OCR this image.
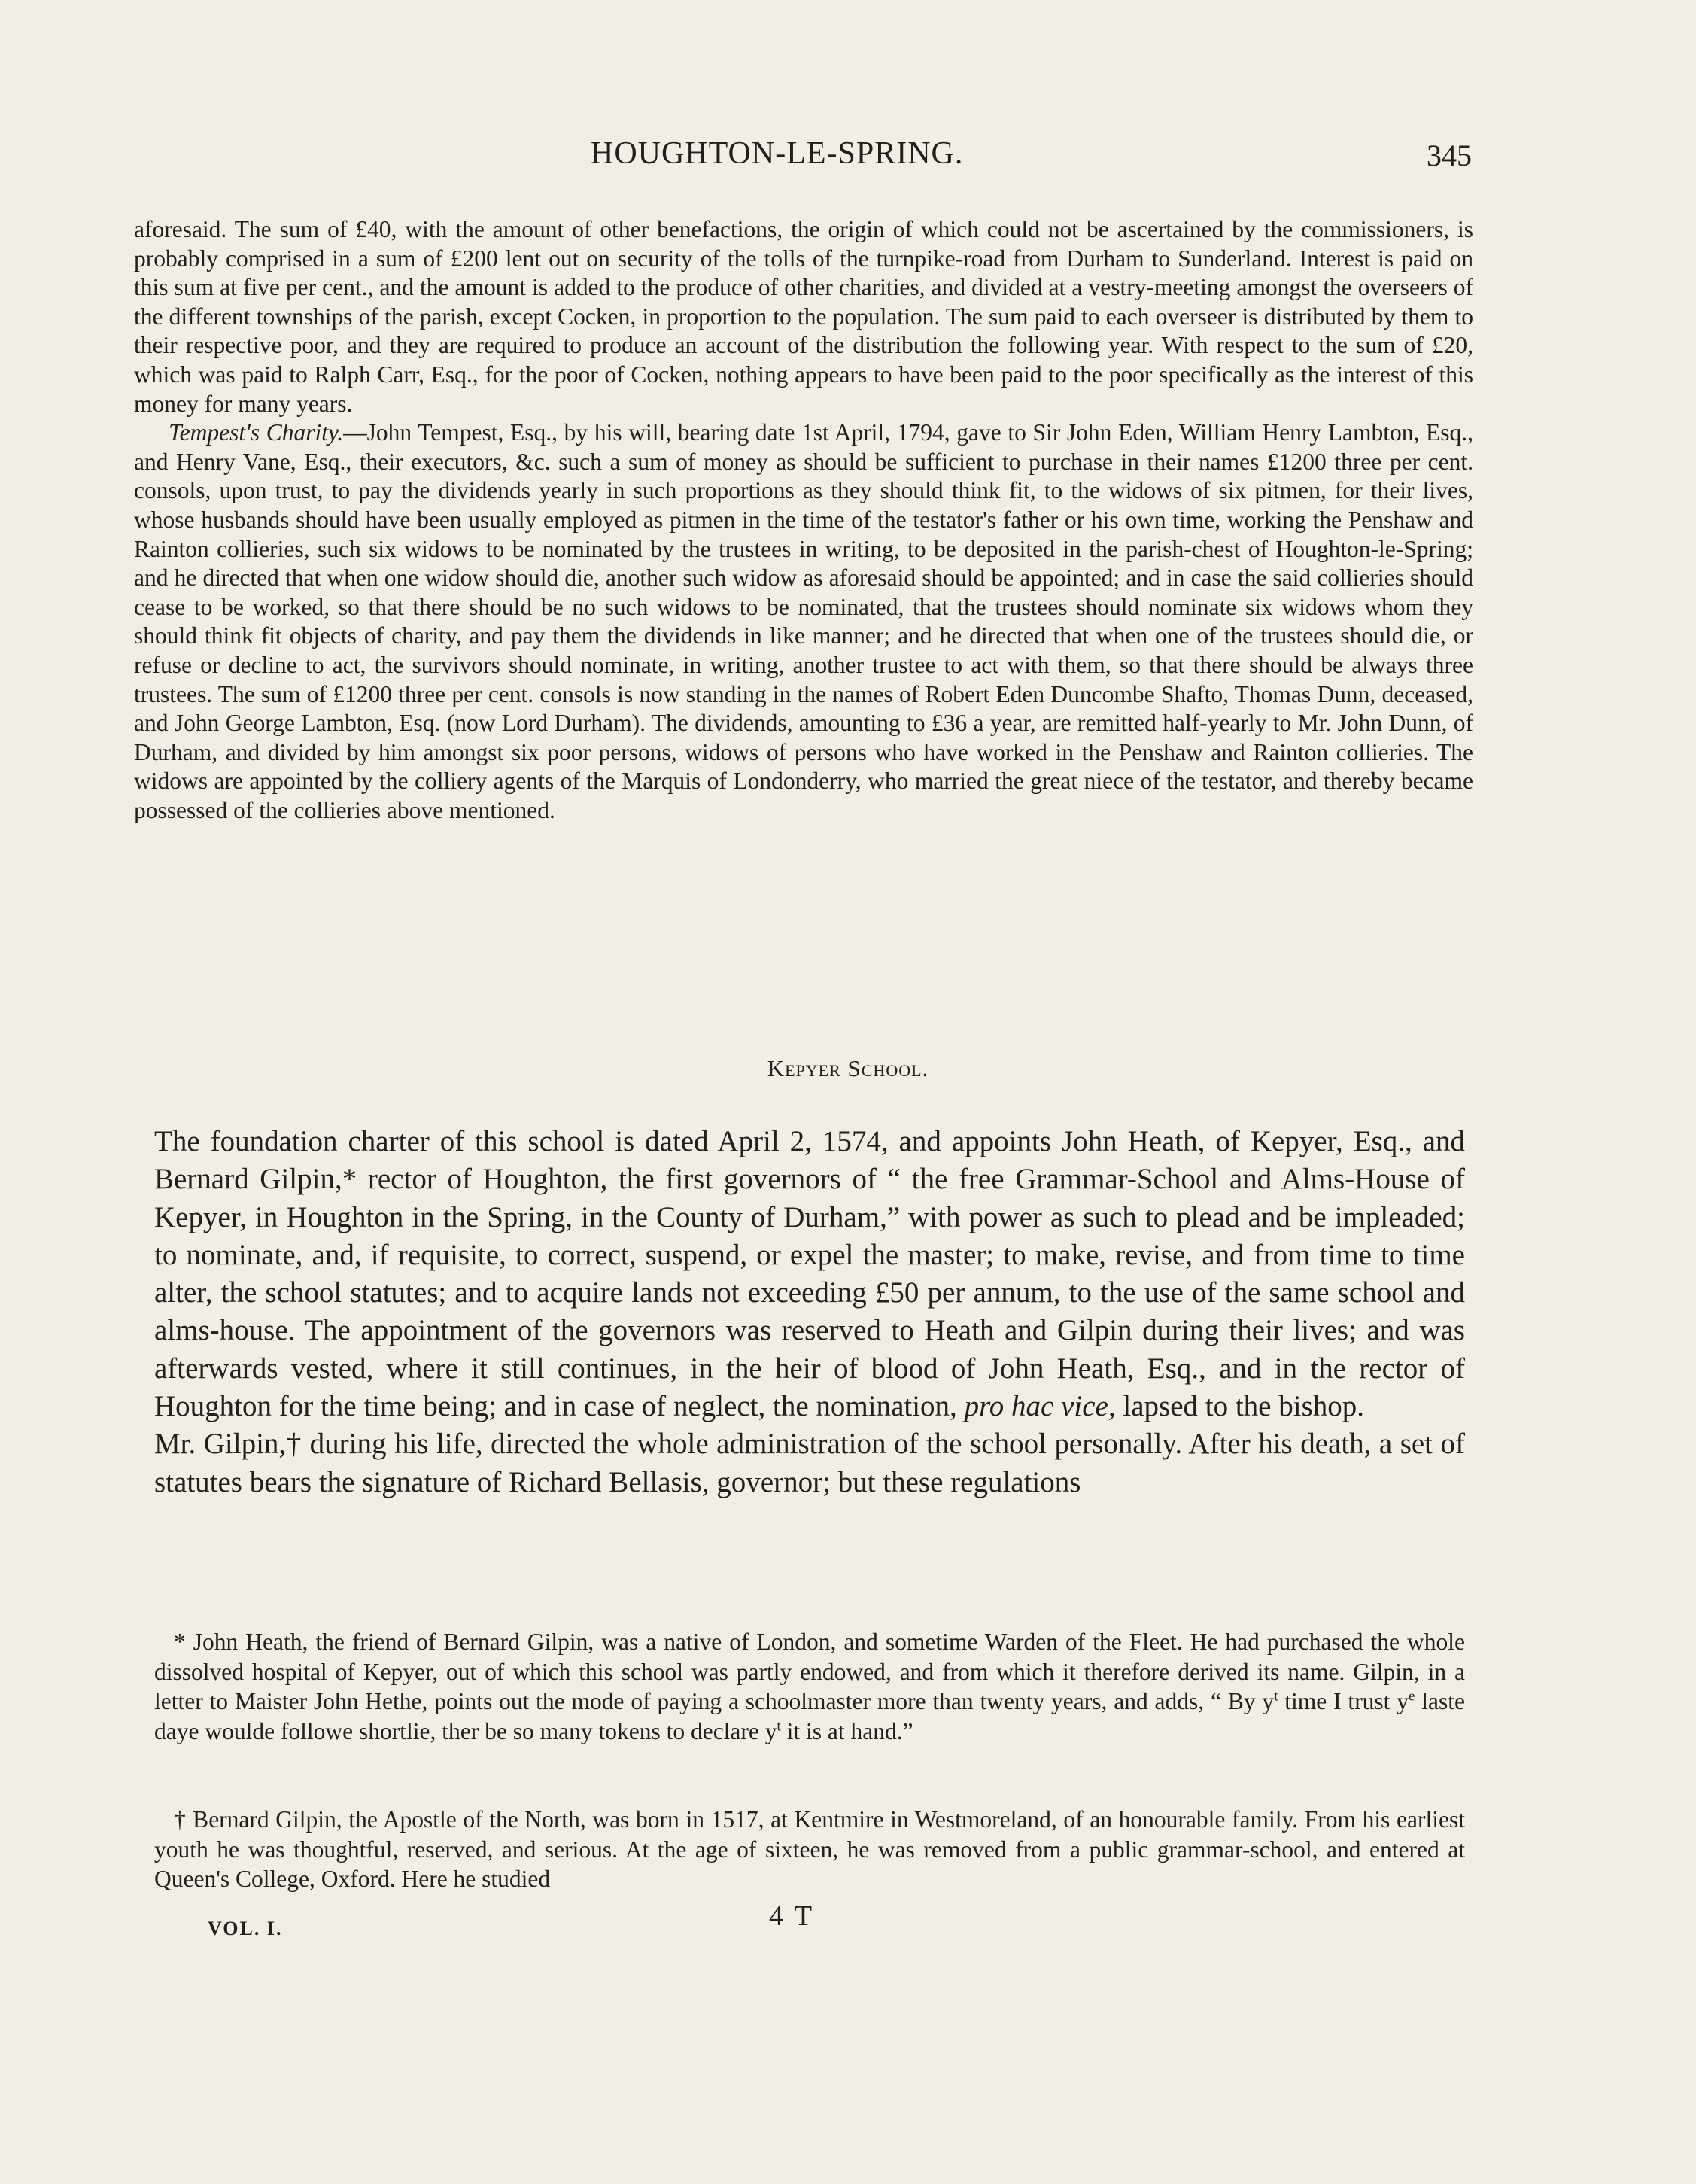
HOUGHTON-LE-SPRING.	345

aforesaid. The sum of £40, with the amount of other benefactions, the origin of which could not be ascertained by the commissioners, is probably comprised in a sum of £200 lent out on security of the tolls of the turnpike-road from Durham to Sunderland. Interest is paid on this sum at five per cent., and the amount is added to the produce of other charities, and divided at a vestry-meeting amongst the overseers of the different townships of the parish, except Cocken, in proportion to the population. The sum paid to each overseer is distributed by them to their respective poor, and they are required to produce an account of the distribution the following year. With respect to the sum of £20, which was paid to Ralph Carr, Esq., for the poor of Cocken, nothing appears to have been paid to the poor specifically as the interest of this money for many years.

Tempest's Charity.—John Tempest, Esq., by his will, bearing date 1st April, 1794, gave to Sir John Eden, William Henry Lambton, Esq., and Henry Vane, Esq., their executors, &c. such a sum of money as should be sufficient to purchase in their names £1200 three per cent. consols, upon trust, to pay the dividends yearly in such proportions as they should think fit, to the widows of six pitmen, for their lives, whose husbands should have been usually employed as pitmen in the time of the testator's father or his own time, working the Penshaw and Rainton collieries, such six widows to be nominated by the trustees in writing, to be deposited in the parish-chest of Houghton-le-Spring; and he directed that when one widow should die, another such widow as aforesaid should be appointed; and in case the said collieries should cease to be worked, so that there should be no such widows to be nominated, that the trustees should nominate six widows whom they should think fit objects of charity, and pay them the dividends in like manner; and he directed that when one of the trustees should die, or refuse or decline to act, the survivors should nominate, in writing, another trustee to act with them, so that there should be always three trustees. The sum of £1200 three per cent. consols is now standing in the names of Robert Eden Duncombe Shafto, Thomas Dunn, deceased, and John George Lambton, Esq. (now Lord Durham). The dividends, amounting to £36 a year, are remitted half-yearly to Mr. John Dunn, of Durham, and divided by him amongst six poor persons, widows of persons who have worked in the Penshaw and Rainton collieries. The widows are appointed by the colliery agents of the Marquis of Londonderry, who married the great niece of the testator, and thereby became possessed of the collieries above mentioned.

Kepyer School.

The foundation charter of this school is dated April 2, 1574, and appoints John Heath, of Kepyer, Esq., and Bernard Gilpin,* rector of Houghton, the first governors of “ the free Grammar-School and Alms-House of Kepyer, in Houghton in the Spring, in the County of Durham,” with power as such to plead and be impleaded; to nominate, and, if requisite, to correct, suspend, or expel the master; to make, revise, and from time to time alter, the school statutes; and to acquire lands not exceeding £50 per annum, to the use of the same school and alms-house. The appointment of the governors was reserved to Heath and Gilpin during their lives; and was afterwards vested, where it still continues, in the heir of blood of John Heath, Esq., and in the rector of Houghton for the time being; and in case of neglect, the nomination, pro hac vice, lapsed to the bishop.

Mr. Gilpin,† during his life, directed the whole administration of the school personally. After his death, a set of statutes bears the signature of Richard Bellasis, governor; but these regulations

* John Heath, the friend of Bernard Gilpin, was a native of London, and sometime Warden of the Fleet. He had purchased the whole dissolved hospital of Kepyer, out of which this school was partly endowed, and from which it therefore derived its name. Gilpin, in a letter to Maister John Hethe, points out the mode of paying a schoolmaster more than twenty years, and adds, “ By $y^t$ time I trust $y^e$ laste daye woulde followe shortlie, ther be so many tokens to declare $y^t$ it is at hand.”
† Bernard Gilpin, the Apostle of the North, was born in 1517, at Kentmire in Westmoreland, of an honourable family. From his earliest youth he was thoughtful, reserved, and serious. At the age of sixteen, he was removed from a public grammar-school, and entered at Queen's College, Oxford. Here he studied
VOL. I.	4 T
